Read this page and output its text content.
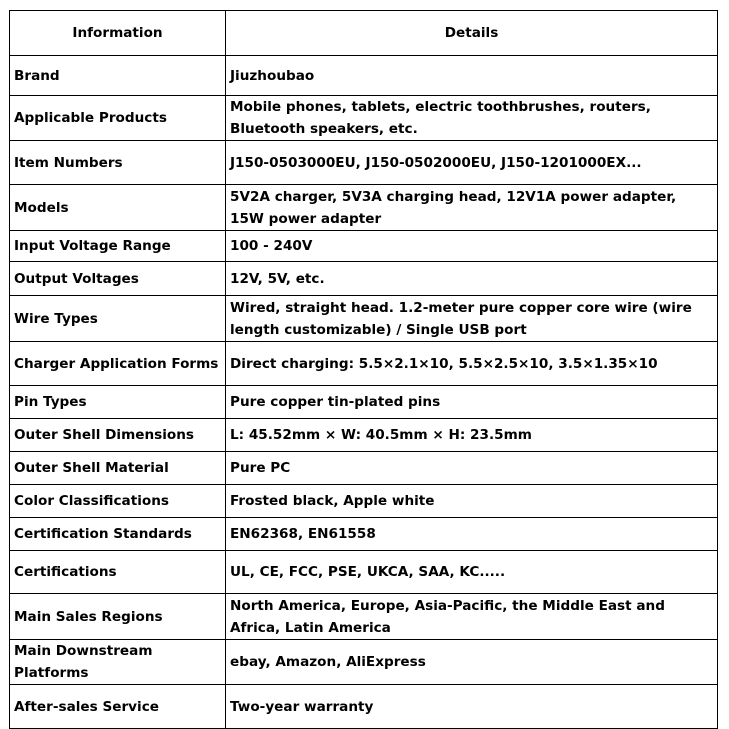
Information	Details
Brand	Jiuzhoubao
Applicable Products	Mobile phones, tablets, electric toothbrushes, routers, Bluetooth speakers, etc.
Item Numbers	J150-0503000EU, J150-0502000EU, J150-1201000EX...
Models	5V2A charger, 5V3A charging head, 12V1A power adapter, 15W power adapter
Input Voltage Range	100 - 240V
Output Voltages	12V, 5V, etc.
Wire Types	Wired, straight head. 1.2-meter pure copper core wire (wire length customizable) / Single USB port
Charger Application Forms	Direct charging: 5.5×2.1×10, 5.5×2.5×10, 3.5×1.35×10
Pin Types	Pure copper tin-plated pins
Outer Shell Dimensions	L: 45.52mm × W: 40.5mm × H: 23.5mm
Outer Shell Material	Pure PC
Color Classifications	Frosted black, Apple white
Certification Standards	EN62368, EN61558
Certifications	UL, CE, FCC, PSE, UKCA, SAA, KC.....
Main Sales Regions	North America, Europe, Asia-Pacific, the Middle East and Africa, Latin America
Main Downstream Platforms	ebay, Amazon, AliExpress
After-sales Service	Two-year warranty
